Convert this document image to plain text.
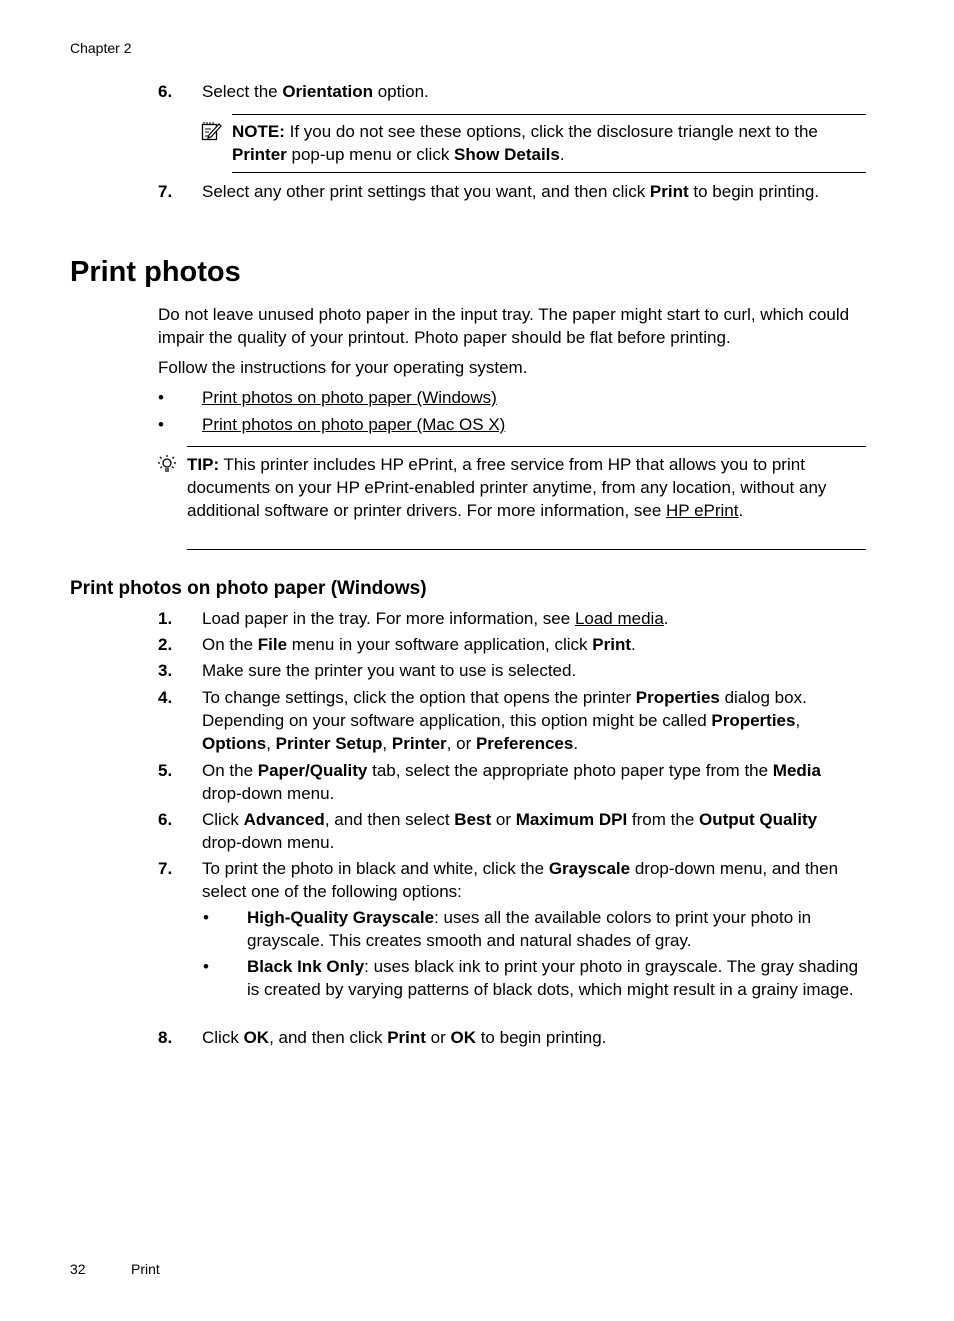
Chapter 2
6. Select the Orientation option.
NOTE: If you do not see these options, click the disclosure triangle next to the Printer pop-up menu or click Show Details.
7. Select any other print settings that you want, and then click Print to begin printing.
Print photos
Do not leave unused photo paper in the input tray. The paper might start to curl, which could impair the quality of your printout. Photo paper should be flat before printing.
Follow the instructions for your operating system.
• Print photos on photo paper (Windows)
• Print photos on photo paper (Mac OS X)
TIP: This printer includes HP ePrint, a free service from HP that allows you to print documents on your HP ePrint-enabled printer anytime, from any location, without any additional software or printer drivers. For more information, see HP ePrint.
Print photos on photo paper (Windows)
1. Load paper in the tray. For more information, see Load media.
2. On the File menu in your software application, click Print.
3. Make sure the printer you want to use is selected.
4. To change settings, click the option that opens the printer Properties dialog box. Depending on your software application, this option might be called Properties, Options, Printer Setup, Printer, or Preferences.
5. On the Paper/Quality tab, select the appropriate photo paper type from the Media drop-down menu.
6. Click Advanced, and then select Best or Maximum DPI from the Output Quality drop-down menu.
7. To print the photo in black and white, click the Grayscale drop-down menu, and then select one of the following options:
8. Click OK, and then click Print or OK to begin printing.
• High-Quality Grayscale: uses all the available colors to print your photo in grayscale. This creates smooth and natural shades of gray.
• Black Ink Only: uses black ink to print your photo in grayscale. The gray shading is created by varying patterns of black dots, which might result in a grainy image.
32	Print
